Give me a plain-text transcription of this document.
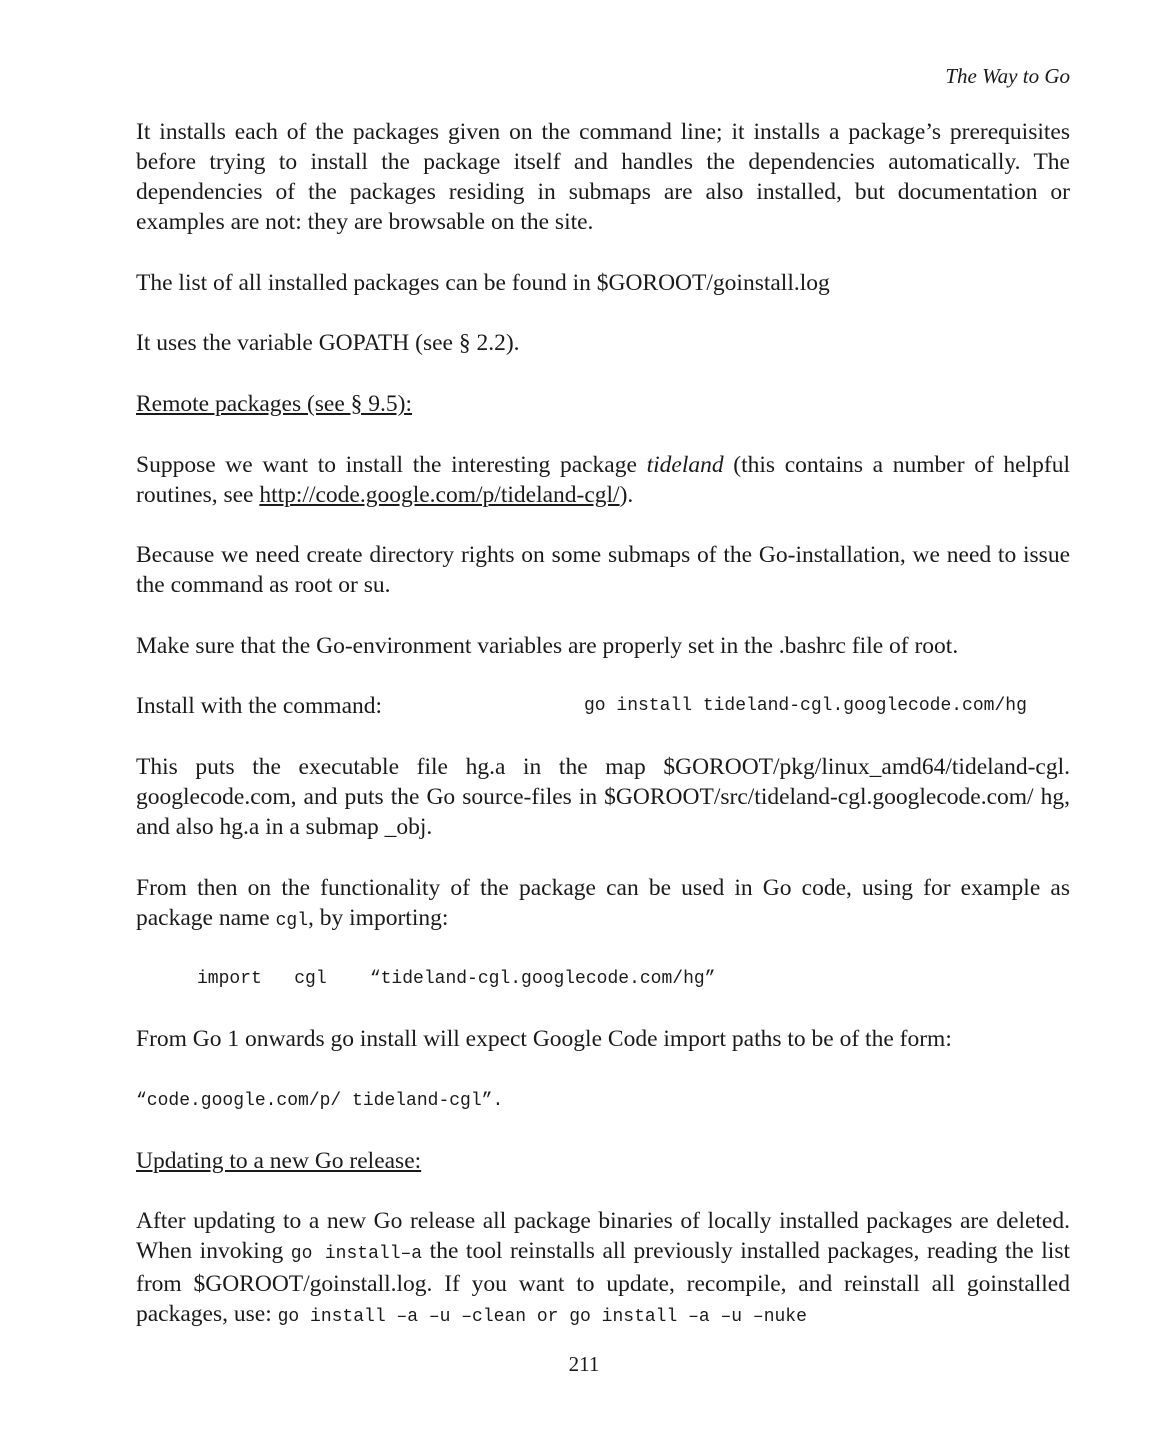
The Way to Go

It installs each of the packages given on the command line; it installs a package’s prerequisites before trying to install the package itself and handles the dependencies automatically. The dependencies of the packages residing in submaps are also installed, but documentation or examples are not: they are browsable on the site.

The list of all installed packages can be found in $GOROOT/goinstall.log

It uses the variable GOPATH (see § 2.2).

Remote packages (see § 9.5):

Suppose we want to install the interesting package tideland (this contains a number of helpful routines, see http://code.google.com/p/tideland-cgl/).

Because we need create directory rights on some submaps of the Go-installation, we need to issue the command as root or su.

Make sure that the Go-environment variables are properly set in the .bashrc file of root.

Install with the command:	go install tideland-cgl.googlecode.com/hg

This puts the executable file hg.a in the map $GOROOT/pkg/linux_amd64/tideland-cgl. googlecode.com, and puts the Go source-files in $GOROOT/src/tideland-cgl.googlecode.com/ hg, and also hg.a in a submap _obj.

From then on the functionality of the package can be used in Go code, using for example as package name cgl, by importing:

import   cgl    “tideland-cgl.googlecode.com/hg”

From Go 1 onwards go install will expect Google Code import paths to be of the form:

“code.google.com/p/ tideland-cgl”.

Updating to a new Go release:

After updating to a new Go release all package binaries of locally installed packages are deleted. When invoking go install–a the tool reinstalls all previously installed packages, reading the list from $GOROOT/goinstall.log. If you want to update, recompile, and reinstall all goinstalled packages, use: go install –a –u –clean or go install –a –u –nuke

211
